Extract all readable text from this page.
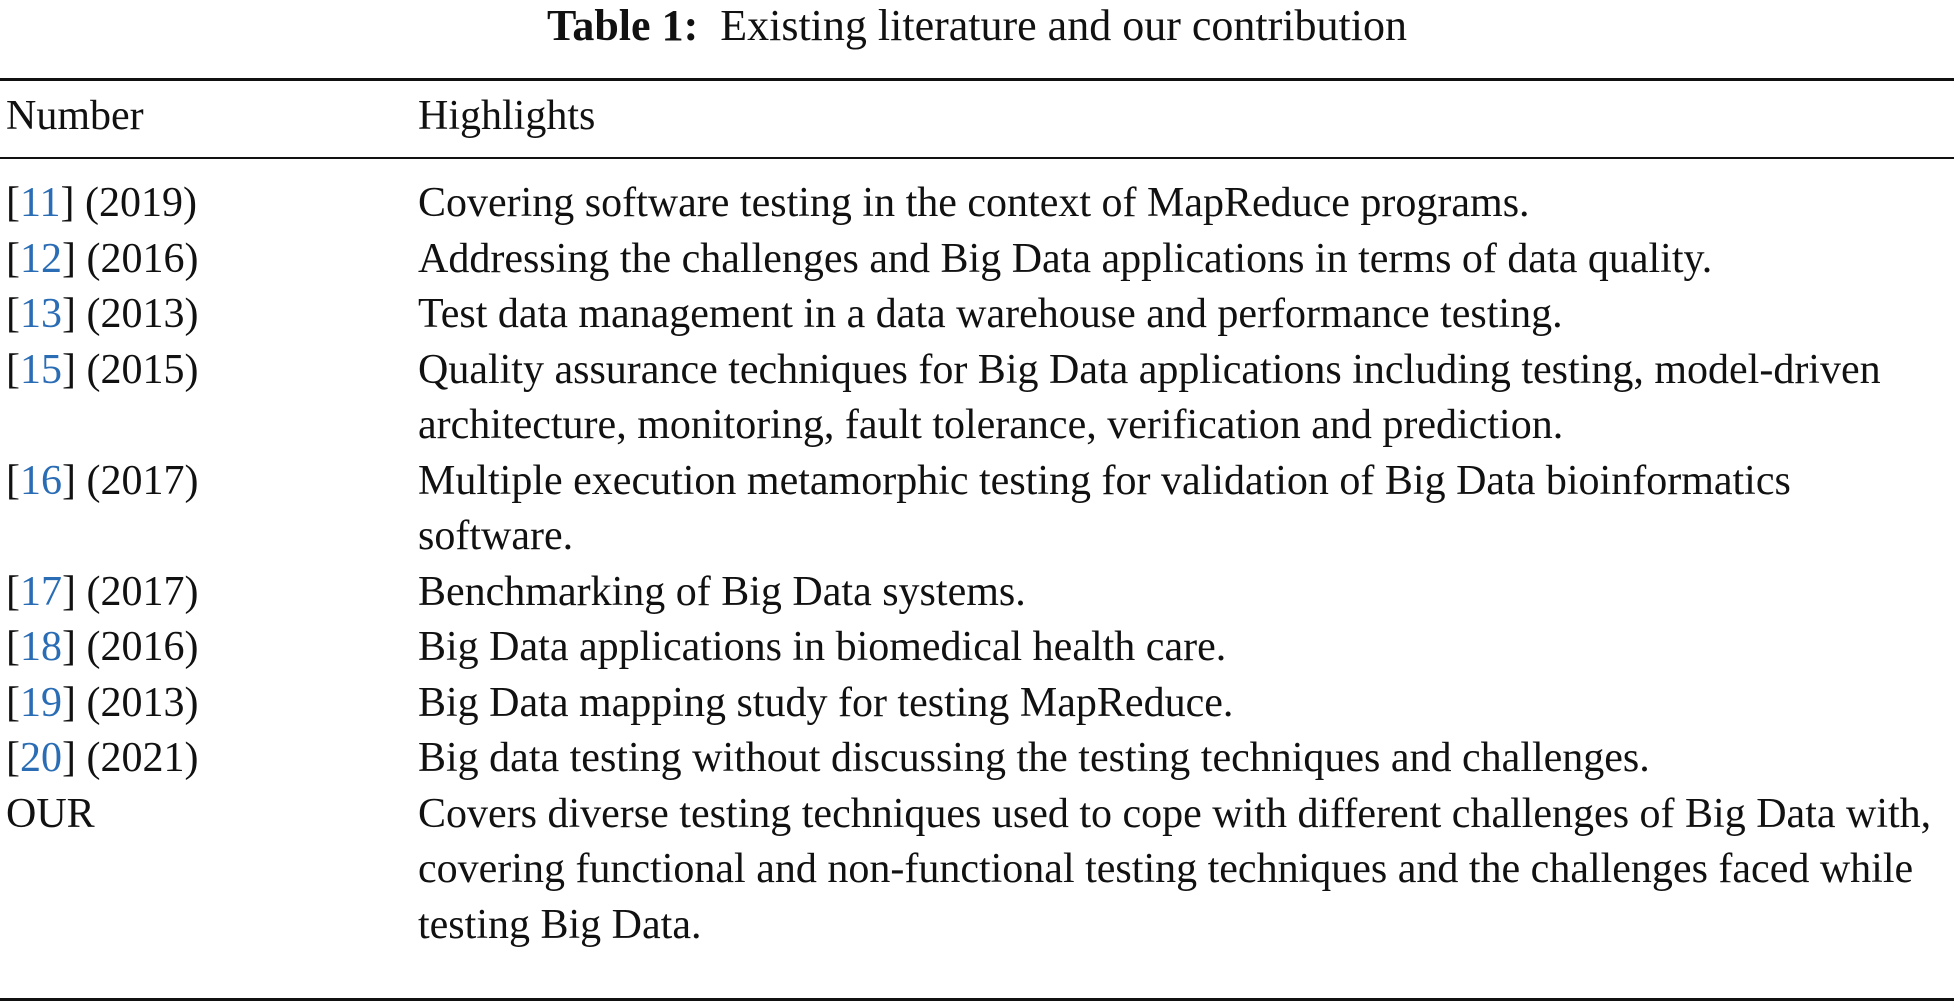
Table 1: Existing literature and our contribution
Number	Highlights
[11] (2019)	Covering software testing in the context of MapReduce programs.
[12] (2016)	Addressing the challenges and Big Data applications in terms of data quality.
[13] (2013)	Test data management in a data warehouse and performance testing.
[15] (2015)	Quality assurance techniques for Big Data applications including testing, model-driven architecture, monitoring, fault tolerance, verification and prediction.
[16] (2017)	Multiple execution metamorphic testing for validation of Big Data bioinformatics software.
[17] (2017)	Benchmarking of Big Data systems.
[18] (2016)	Big Data applications in biomedical health care.
[19] (2013)	Big Data mapping study for testing MapReduce.
[20] (2021)	Big data testing without discussing the testing techniques and challenges.
OUR	Covers diverse testing techniques used to cope with different challenges of Big Data with, covering functional and non-functional testing techniques and the challenges faced while testing Big Data.
